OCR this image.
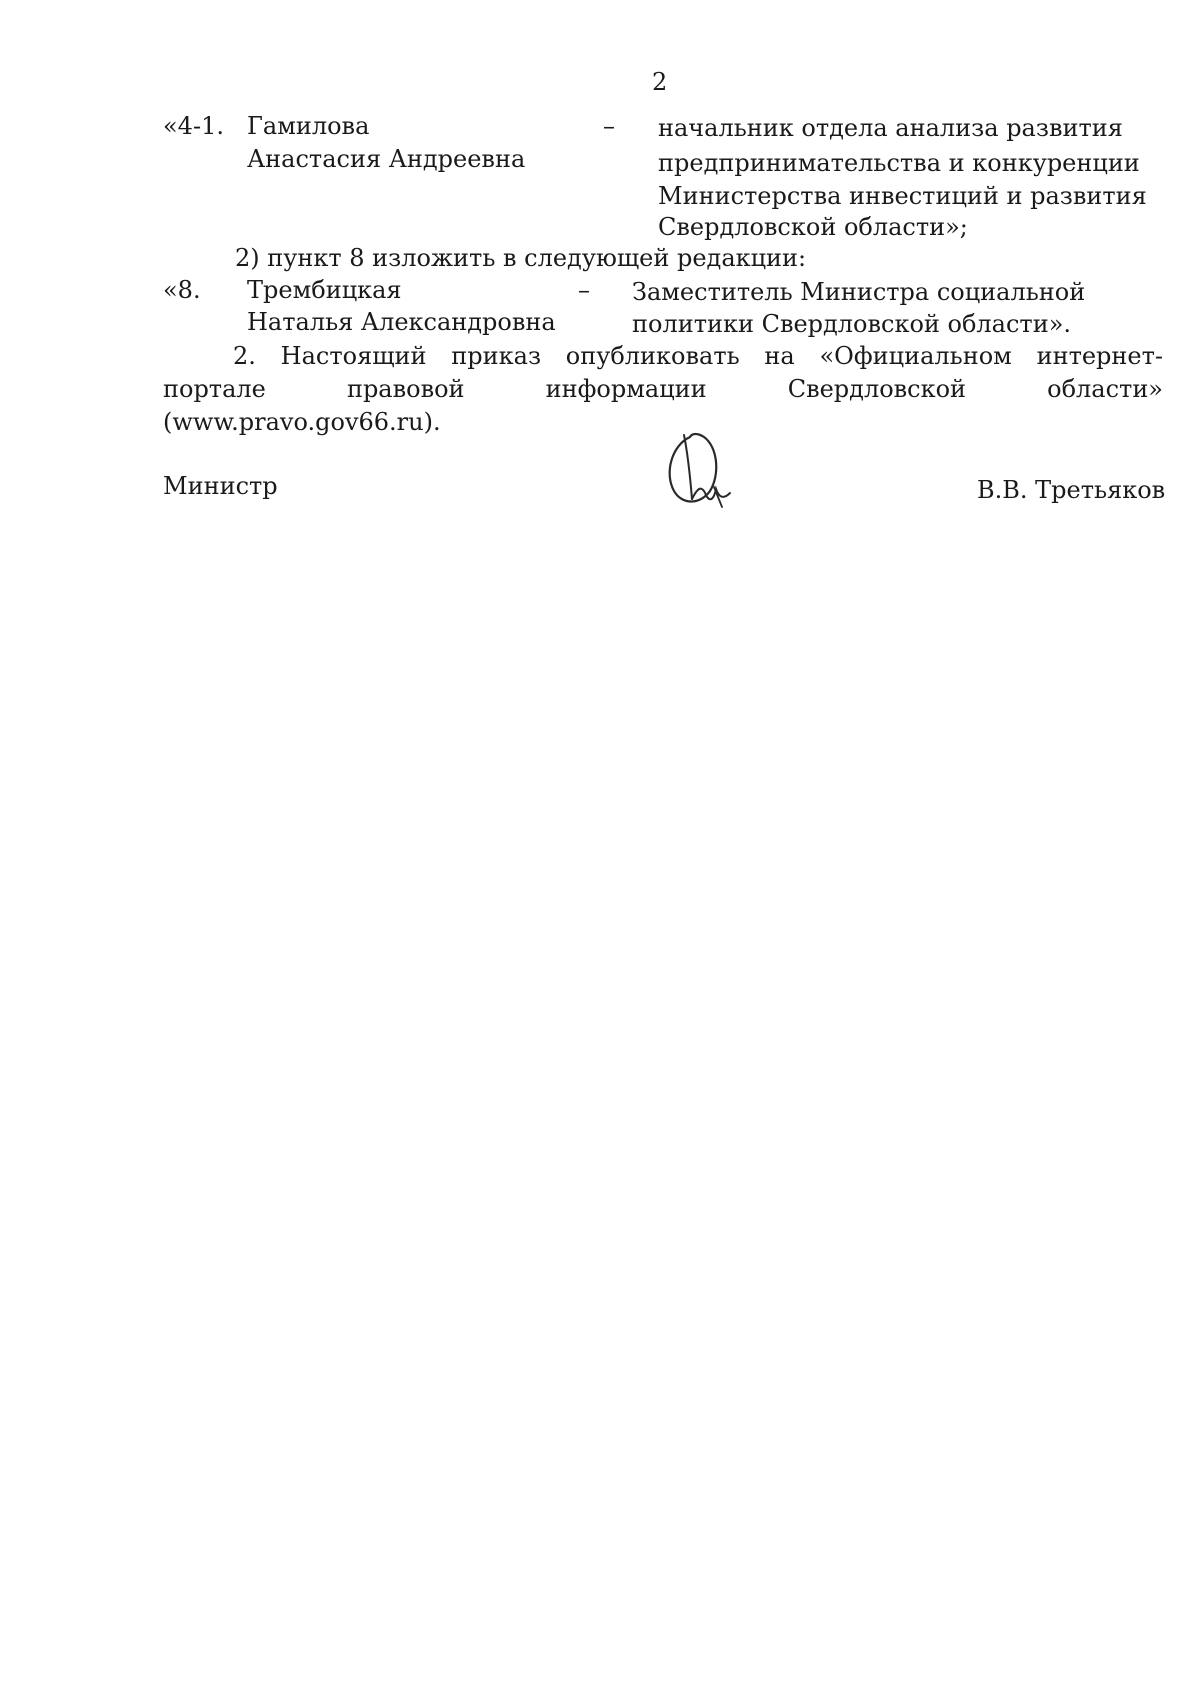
2
«4-1. Гамилова
Анастасия Андреевна
– начальник отдела анализа развития
предпринимательства и конкуренции
Министерства инвестиций и развития
Свердловской области»;
2) пункт 8 изложить в следующей редакции:
«8. Трембицкая
Наталья Александровна
– Заместитель Министра социальной
политики Свердловской области».
2. Настоящий приказ опубликовать на «Официальном интернет-портале правовой информации Свердловской области» (www.pravo.gov66.ru).
Министр	В.В. Третьяков
